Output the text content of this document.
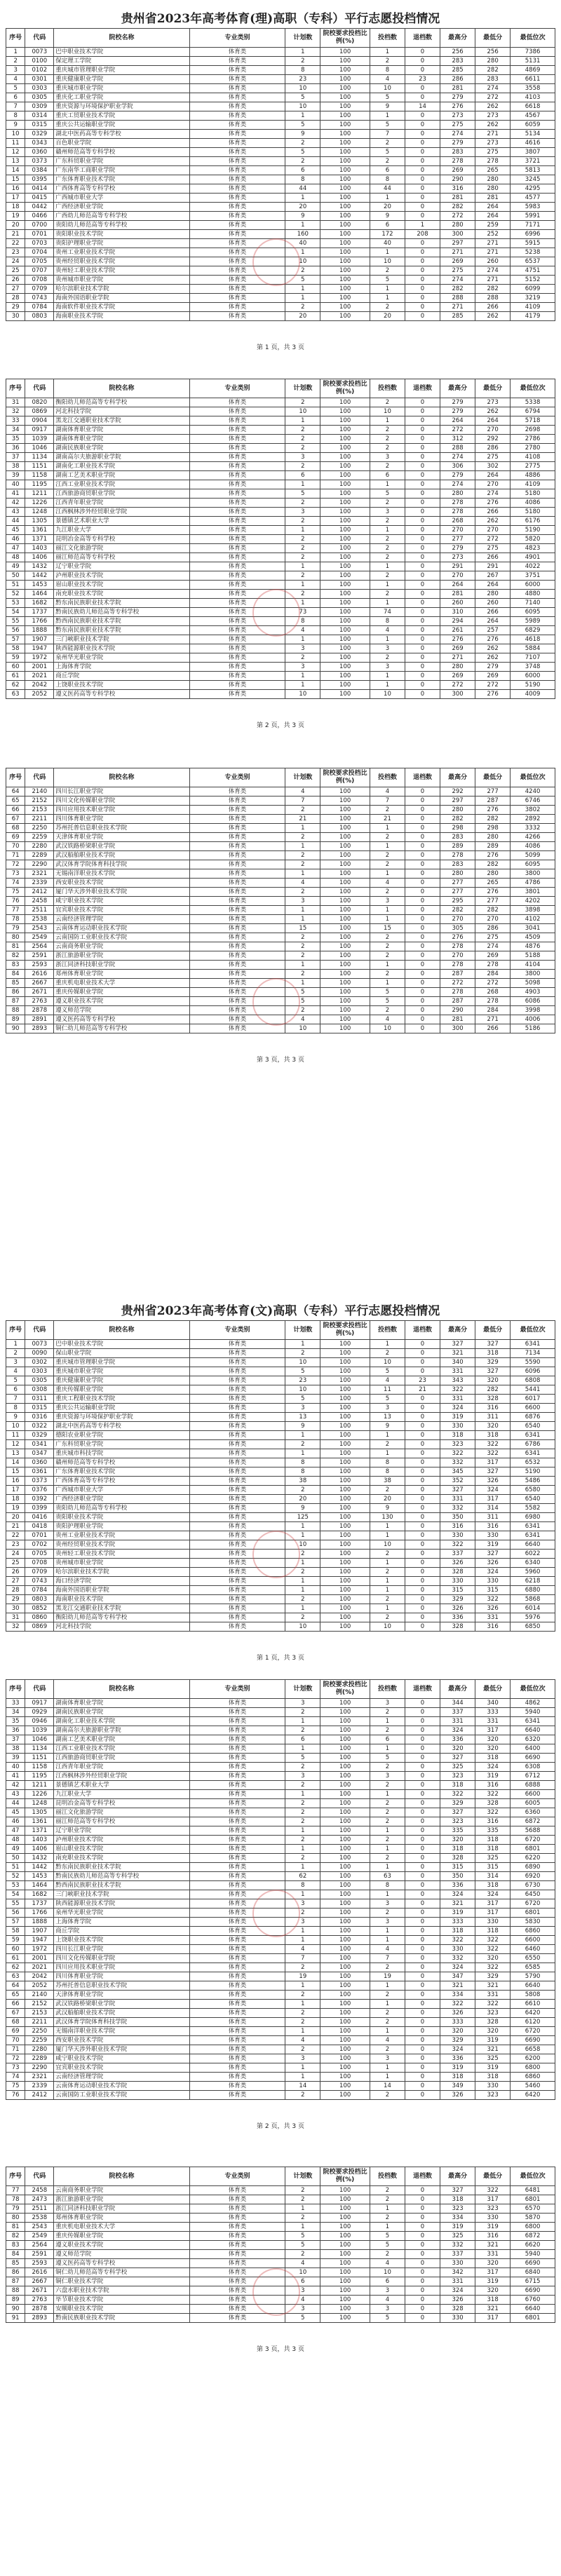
贵州省2023年高考体育(理)高职（专科）平行志愿投档情况
序号	代码	院校名称	专业类别	计划数	院校要求投档比例(%)	投档数	退档数	最高分	最低分	最低位次
1	0073	巴中职业技术学院	体育类	1	100	1	0	256	256	7386
2	0100	保定理工学院	体育类	2	100	2	0	283	280	5131
3	0102	重庆城市管理职业学院	体育类	8	100	8	0	285	282	4869
4	0301	重庆健康职业学院	体育类	23	100	4	23	286	283	6611
5	0303	重庆城市职业学院	体育类	10	100	10	0	281	274	3558
6	0305	重庆化工职业学院	体育类	5	100	5	0	279	272	4103
7	0309	重庆资源与环境保护职业学院	体育类	10	100	9	14	276	262	6618
8	0314	重庆工贸职业技术学院	体育类	1	100	1	0	273	273	4567
9	0315	重庆公共运输职业学院	体育类	5	100	5	0	275	262	6059
10	0329	湖北中医药高等专科学校	体育类	9	100	7	0	274	271	5134
11	0343	百色职业学院	体育类	2	100	2	0	279	273	4616
12	0360	赣州师范高等专科学校	体育类	5	100	5	0	283	275	3807
13	0373	广东科贸职业学院	体育类	2	100	2	0	278	278	3721
14	0384	广东南华工商职业学院	体育类	6	100	6	0	269	265	5813
15	0395	广东体育职业技术学院	体育类	8	100	8	0	290	280	3245
16	0414	广西体育高等专科学校	体育类	44	100	44	0	316	280	4295
17	0415	广西城市职业大学	体育类	1	100	1	0	281	281	4577
18	0442	广西经济职业学院	体育类	20	100	20	0	282	264	5983
19	0466	广西幼儿师范高等专科学校	体育类	9	100	9	0	272	264	5991
20	0700	贵阳幼儿师范高等专科学校	体育类	1	100	6	1	280	259	7171
21	0701	贵阳职业技术学院	体育类	160	100	172	208	300	252	6996
22	0703	贵阳护理职业学院	体育类	40	100	40	0	297	271	5915
23	0704	贵州工业职业技术学院	体育类	1	100	1	0	271	271	5238
24	0705	贵州经贸职业技术学院	体育类	10	100	10	0	269	260	6537
25	0707	贵州轻工职业技术学院	体育类	2	100	2	0	275	274	4751
26	0708	贵州城市职业学院	体育类	5	100	5	0	274	271	5152
27	0709	哈尔滨职业技术学院	体育类	1	100	1	0	282	282	6099
28	0743	海南外国语职业学院	体育类	1	100	1	0	288	288	3219
29	0784	海南软件职业技术学院	体育类	2	100	2	0	271	266	4109
30	0803	海南职业技术学院	体育类	20	100	20	0	285	262	4179
第 1 页，共 3 页
序号	代码	院校名称	专业类别	计划数	院校要求投档比例(%)	投档数	退档数	最高分	最低分	最低位次
31	0820	衡阳幼儿师范高等专科学校	体育类	2	100	2	0	279	273	5338
32	0869	河北科技学院	体育类	10	100	10	0	279	262	6794
33	0904	黑龙江交通职业技术学院	体育类	1	100	1	0	264	264	5718
34	0917	湖南体育职业学院	体育类	2	100	2	0	272	270	2698
35	1039	湖南体育职业学院	体育类	2	100	2	0	312	292	2786
36	1046	湖南民族职业学院	体育类	2	100	2	0	288	286	2780
37	1134	湖南高尔夫旅游职业学院	体育类	3	100	3	0	274	275	4108
38	1151	湖南化工职业技术学院	体育类	2	100	2	0	306	302	2775
39	1158	湖南工艺美术职业学院	体育类	6	100	6	0	279	264	4886
40	1195	江西工业职业技术学院	体育类	1	100	1	0	274	270	4109
41	1211	江西旅游商贸职业学院	体育类	5	100	5	0	280	274	5180
42	1226	江西青年职业学院	体育类	2	100	2	0	278	276	4086
43	1248	江西枫林涉外经贸职业学院	体育类	3	100	3	0	278	266	5180
44	1305	景德镇艺术职业大学	体育类	2	100	2	0	268	262	6176
45	1361	九江职业大学	体育类	1	100	1	0	270	270	5190
46	1371	昆明冶金高等专科学校	体育类	2	100	2	0	277	272	5820
47	1403	丽江文化旅游学院	体育类	2	100	2	0	279	275	4823
48	1406	丽江师范高等专科学校	体育类	2	100	2	0	273	266	4901
49	1432	辽宁职业学院	体育类	1	100	1	0	291	291	4022
50	1442	泸州职业技术学院	体育类	2	100	2	0	270	267	3751
51	1453	眉山职业技术学院	体育类	1	100	1	0	264	264	6000
52	1464	南充职业技术学院	体育类	2	100	2	0	281	280	4880
53	1682	黔东南民族职业技术学院	体育类	1	100	1	0	260	260	7140
54	1737	黔南民族幼儿师范高等专科学校	体育类	73	100	74	0	310	266	6095
55	1766	黔西南民族职业技术学院	体育类	8	100	8	0	294	264	5989
56	1888	黔东南民族职业技术学院	体育类	4	100	4	0	261	257	6829
57	1907	三门峡职业技术学院	体育类	1	100	1	0	276	276	4618
58	1947	陕西能源职业技术学院	体育类	3	100	3	0	269	262	5884
59	1972	泉州华光职业学院	体育类	2	100	2	0	271	262	7107
60	2001	上海体育学院	体育类	3	100	3	0	280	279	3748
61	2021	商丘学院	体育类	1	100	1	0	269	269	6000
62	2042	上饶职业技术学院	体育类	1	100	1	0	272	272	5190
63	2052	遵义医药高等专科学校	体育类	10	100	10	0	300	276	4009
第 2 页，共 3 页
序号	代码	院校名称	专业类别	计划数	院校要求投档比例(%)	投档数	退档数	最高分	最低分	最低位次
64	2140	四川长江职业学院	体育类	4	100	4	0	292	277	4240
65	2152	四川文化传媒职业学院	体育类	7	100	7	0	297	287	6746
66	2153	四川应用技术职业学院	体育类	2	100	2	0	280	276	3802
67	2211	四川体育职业学院	体育类	21	100	21	0	282	282	2892
68	2250	苏州托普信息职业技术学院	体育类	1	100	1	0	298	298	3332
69	2259	天津体育职业学院	体育类	2	100	2	0	283	280	4266
70	2280	武汉铁路桥梁职业学院	体育类	1	100	1	0	289	289	4086
71	2289	武汉船舶职业技术学院	体育类	2	100	2	0	278	276	5099
72	2290	武汉体育学院体育科技学院	体育类	2	100	2	0	283	282	6095
73	2321	无锡南洋职业技术学院	体育类	1	100	1	0	280	280	3800
74	2339	西安职业技术学院	体育类	4	100	4	0	277	265	4786
75	2412	厦门华天涉外职业技术学院	体育类	2	100	2	0	277	276	3801
76	2458	咸宁职业技术学院	体育类	3	100	3	0	295	277	4202
77	2511	宜宾职业技术学院	体育类	1	100	1	0	282	282	3898
78	2538	云南经济管理学院	体育类	1	100	1	0	270	270	4102
79	2543	云南体育运动职业技术学院	体育类	15	100	15	0	305	286	3041
80	2549	云南国防工业职业技术学院	体育类	2	100	2	0	276	275	4509
81	2564	云南商务职业学院	体育类	2	100	2	0	278	274	4876
82	2591	浙江旅游职业学院	体育类	2	100	2	0	270	269	5188
83	2593	浙江同济科技职业学院	体育类	1	100	1	0	278	278	4104
84	2616	郑州体育职业学院	体育类	2	100	2	0	287	284	3800
85	2667	重庆机电职业技术大学	体育类	1	100	1	0	272	272	5098
86	2671	重庆传媒职业学院	体育类	5	100	5	0	278	268	4903
87	2763	遵义职业技术学院	体育类	5	100	5	0	287	278	6086
88	2878	遵义师范学院	体育类	2	100	2	0	290	284	3998
89	2891	遵义医药高等专科学校	体育类	4	100	4	0	281	271	4006
90	2893	铜仁幼儿师范高等专科学校	体育类	10	100	10	0	300	266	5186
第 3 页，共 3 页
贵州省2023年高考体育(文)高职（专科）平行志愿投档情况
序号	代码	院校名称	专业类别	计划数	院校要求投档比例(%)	投档数	退档数	最高分	最低分	最低位次
1	0073	巴中职业技术学院	体育类	1	100	1	0	327	327	6341
2	0090	保山职业学院	体育类	2	100	2	0	321	318	7134
3	0302	重庆城市管理职业学院	体育类	10	100	10	0	340	329	5590
4	0303	重庆城市职业学院	体育类	5	100	5	0	331	327	6096
5	0305	重庆健康职业学院	体育类	23	100	4	23	343	320	6808
6	0308	重庆传媒职业学院	体育类	10	100	11	21	322	282	5441
7	0311	重庆工程职业技术学院	体育类	5	100	5	0	331	328	6017
8	0315	重庆公共运输职业学院	体育类	3	100	3	0	324	316	6600
9	0316	重庆资源与环境保护职业学院	体育类	13	100	13	0	319	311	6876
10	0322	湖北中医药高等专科学校	体育类	9	100	9	0	330	320	6540
11	0329	德阳农业职业学院	体育类	1	100	1	0	318	318	6341
12	0341	广东科贸职业学院	体育类	2	100	2	0	323	322	6786
13	0347	重庆城市科技学院	体育类	1	100	1	0	322	322	6341
14	0360	赣州师范高等专科学校	体育类	8	100	8	0	332	317	6532
15	0361	广东体育职业技术学院	体育类	8	100	8	0	345	327	5190
16	0373	广西体育高等专科学校	体育类	38	100	38	0	352	326	5486
17	0376	广西城市职业大学	体育类	2	100	2	0	327	324	6580
18	0392	广西经济职业学院	体育类	20	100	20	0	331	317	6540
19	0399	贵阳幼儿师范高等专科学校	体育类	9	100	9	0	332	314	5582
20	0416	贵阳职业技术学院	体育类	125	100	130	0	350	311	6980
21	0418	贵阳护理职业学院	体育类	1	100	1	0	316	316	6341
22	0701	贵州工业职业技术学院	体育类	1	100	1	0	330	330	6341
23	0702	贵州经贸职业技术学院	体育类	10	100	10	0	322	319	6640
24	0705	贵州轻工职业技术学院	体育类	2	100	2	0	337	327	6022
25	0708	贵州城市职业学院	体育类	1	100	1	0	326	326	6340
26	0709	哈尔滨职业技术学院	体育类	2	100	2	0	328	324	5960
27	0743	海口经济学院	体育类	1	100	1	0	330	330	6218
28	0784	海南外国语职业学院	体育类	1	100	1	0	315	315	6880
29	0803	海南职业技术学院	体育类	2	100	2	0	329	322	5868
30	0852	黑龙江交通职业技术学院	体育类	1	100	1	0	326	326	6014
31	0860	衡阳幼儿师范高等专科学校	体育类	2	100	2	0	336	331	5976
32	0869	河北科技学院	体育类	10	100	10	0	328	316	6850
第 1 页，共 3 页
序号	代码	院校名称	专业类别	计划数	院校要求投档比例(%)	投档数	退档数	最高分	最低分	最低位次
33	0917	湖南体育职业学院	体育类	3	100	3	0	344	340	4862
34	0929	湖南民族职业学院	体育类	2	100	2	0	337	333	5940
35	0946	湖南化工职业技术学院	体育类	1	100	1	0	331	331	6341
36	1039	湖南高尔夫旅游职业学院	体育类	2	100	2	0	324	317	6640
37	1046	湖南工艺美术职业学院	体育类	6	100	6	0	336	320	6320
38	1134	江西工业职业技术学院	体育类	1	100	1	0	320	320	6400
39	1151	江西旅游商贸职业学院	体育类	5	100	5	0	327	318	6690
40	1158	江西青年职业学院	体育类	2	100	2	0	325	324	6308
41	1195	江西枫林涉外经贸职业学院	体育类	3	100	3	0	323	319	6712
42	1211	景德镇艺术职业大学	体育类	2	100	2	0	318	316	6888
43	1226	九江职业大学	体育类	1	100	1	0	322	322	6600
44	1248	昆明冶金高等专科学校	体育类	2	100	2	0	329	328	6005
45	1305	丽江文化旅游学院	体育类	2	100	2	0	327	322	6360
46	1361	丽江师范高等专科学校	体育类	2	100	2	0	323	316	6872
47	1371	辽宁职业学院	体育类	1	100	1	0	335	335	5688
48	1403	泸州职业技术学院	体育类	2	100	2	0	320	318	6720
49	1406	眉山职业技术学院	体育类	1	100	1	0	318	318	6801
50	1432	南充职业技术学院	体育类	2	100	2	0	328	325	6220
51	1442	黔东南民族职业技术学院	体育类	1	100	1	0	315	315	6890
52	1453	黔南民族幼儿师范高等专科学校	体育类	62	100	63	0	350	314	6920
53	1464	黔西南民族职业技术学院	体育类	8	100	8	0	336	318	6730
54	1682	三门峡职业技术学院	体育类	1	100	1	0	324	324	6450
55	1737	陕西能源职业技术学院	体育类	3	100	3	0	321	317	6720
56	1766	泉州华光职业学院	体育类	2	100	2	0	319	317	6801
57	1888	上海体育学院	体育类	3	100	3	0	333	330	5830
58	1907	商丘学院	体育类	1	100	1	0	318	318	6860
59	1947	上饶职业技术学院	体育类	1	100	1	0	322	322	6600
60	1972	四川长江职业学院	体育类	4	100	4	0	330	322	6460
61	2001	四川文化传媒职业学院	体育类	7	100	7	0	332	320	6550
62	2021	四川应用技术职业学院	体育类	2	100	2	0	324	322	6585
63	2042	四川体育职业学院	体育类	19	100	19	0	347	329	5790
64	2052	苏州托普信息职业技术学院	体育类	1	100	1	0	321	321	6640
65	2140	天津体育职业学院	体育类	2	100	2	0	334	331	5808
66	2152	武汉铁路桥梁职业学院	体育类	1	100	1	0	322	322	6610
67	2153	武汉船舶职业技术学院	体育类	2	100	2	0	326	323	6420
68	2211	武汉体育学院体育科技学院	体育类	2	100	2	0	333	328	6120
69	2250	无锡南洋职业技术学院	体育类	1	100	1	0	320	320	6720
70	2259	西安职业技术学院	体育类	4	100	4	0	329	319	6690
71	2280	厦门华天涉外职业技术学院	体育类	2	100	2	0	324	321	6658
72	2289	咸宁职业技术学院	体育类	3	100	3	0	336	325	6200
73	2290	宜宾职业技术学院	体育类	1	100	1	0	319	319	6800
74	2321	云南经济管理学院	体育类	1	100	1	0	318	318	6860
75	2339	云南体育运动职业技术学院	体育类	14	100	14	0	349	330	5460
76	2412	云南国防工业职业技术学院	体育类	2	100	2	0	326	323	6420
第 2 页，共 3 页
序号	代码	院校名称	专业类别	计划数	院校要求投档比例(%)	投档数	退档数	最高分	最低分	最低位次
77	2458	云南商务职业学院	体育类	2	100	2	0	327	322	6481
78	2473	浙江旅游职业学院	体育类	2	100	2	0	318	317	6801
79	2511	浙江同济科技职业学院	体育类	1	100	1	0	323	323	6570
80	2538	郑州体育职业学院	体育类	2	100	2	0	334	330	5870
81	2543	重庆机电职业技术大学	体育类	1	100	1	0	319	319	6800
82	2549	重庆传媒职业学院	体育类	5	100	5	0	325	316	6872
83	2564	遵义职业技术学院	体育类	5	100	5	0	332	321	6620
84	2591	遵义师范学院	体育类	2	100	2	0	337	331	5940
85	2593	遵义医药高等专科学校	体育类	4	100	4	0	330	320	6690
86	2616	铜仁幼儿师范高等专科学校	体育类	10	100	10	0	342	317	6840
87	2667	铜仁职业技术学院	体育类	6	100	6	0	331	319	6715
88	2671	六盘水职业技术学院	体育类	3	100	3	0	324	320	6690
89	2763	毕节职业技术学院	体育类	4	100	4	0	326	318	6760
90	2878	安顺职业技术学院	体育类	3	100	3	0	328	321	6640
91	2893	黔南民族职业技术学院	体育类	5	100	5	0	330	317	6801
第 3 页，共 3 页
